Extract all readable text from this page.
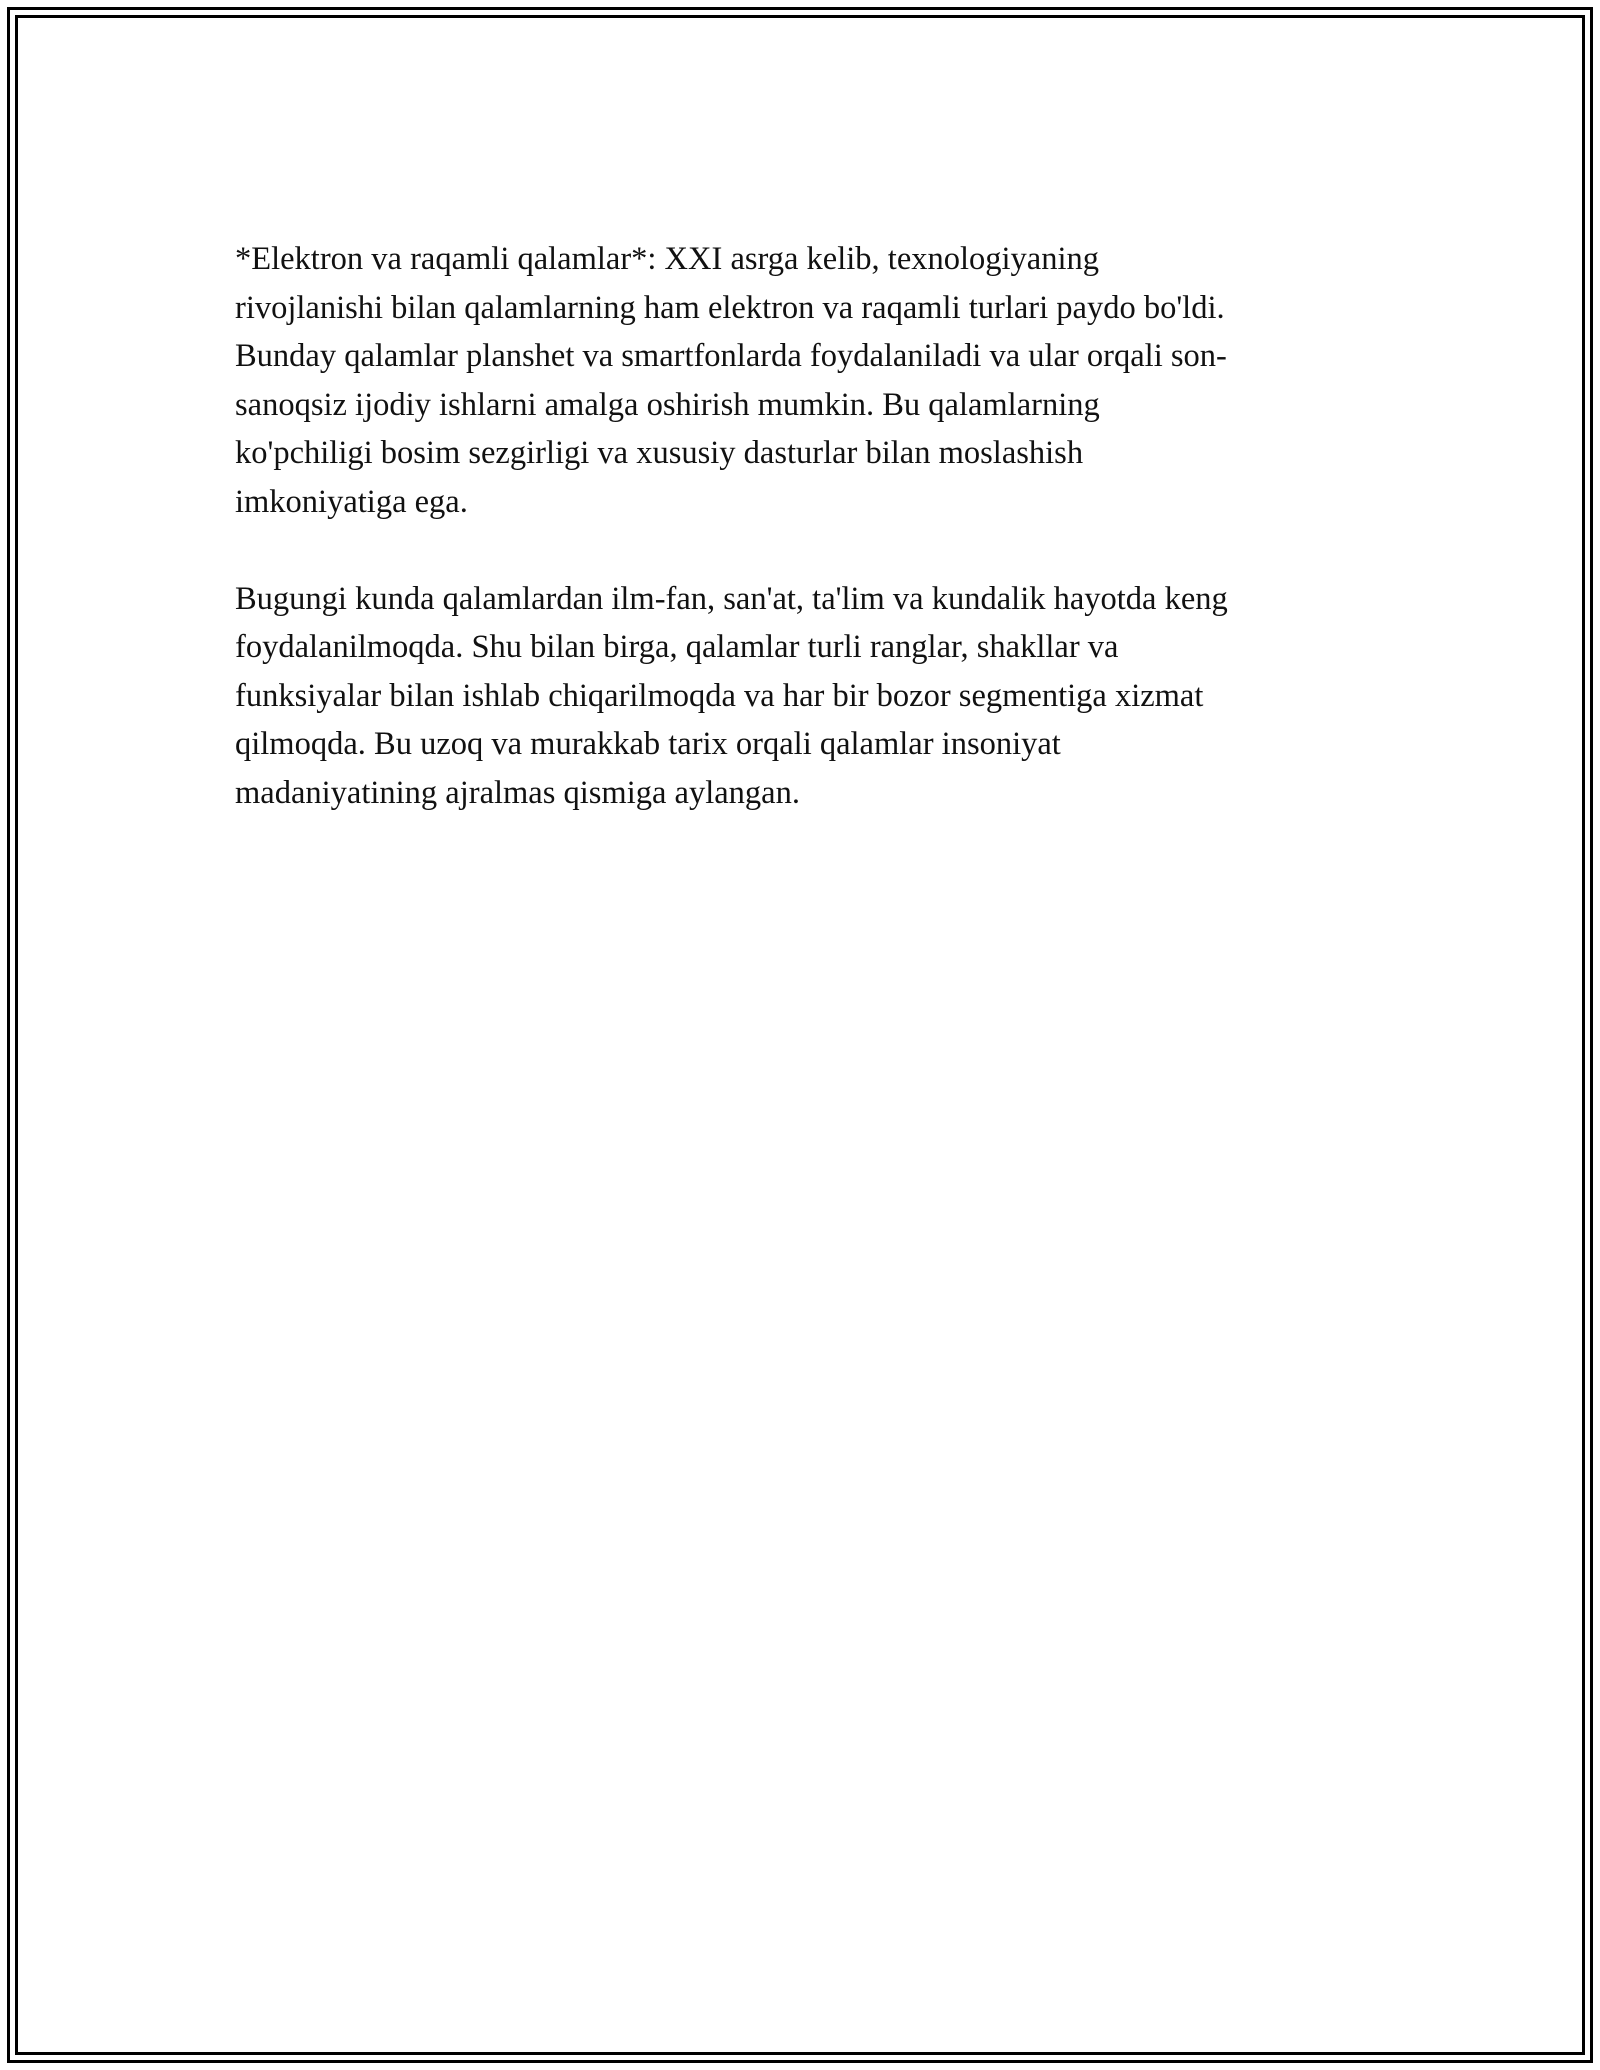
*Elektron va raqamli qalamlar*: XXI asrga kelib, texnologiyaning
rivojlanishi bilan qalamlarning ham elektron va raqamli turlari paydo bo'ldi.
Bunday qalamlar planshet va smartfonlarda foydalaniladi va ular orqali son-
sanoqsiz ijodiy ishlarni amalga oshirish mumkin. Bu qalamlarning
ko'pchiligi bosim sezgirligi va xususiy dasturlar bilan moslashish
imkoniyatiga ega.

Bugungi kunda qalamlardan ilm-fan, san'at, ta'lim va kundalik hayotda keng
foydalanilmoqda. Shu bilan birga, qalamlar turli ranglar, shakllar va
funksiyalar bilan ishlab chiqarilmoqda va har bir bozor segmentiga xizmat
qilmoqda. Bu uzoq va murakkab tarix orqali qalamlar insoniyat
madaniyatining ajralmas qismiga aylangan.
